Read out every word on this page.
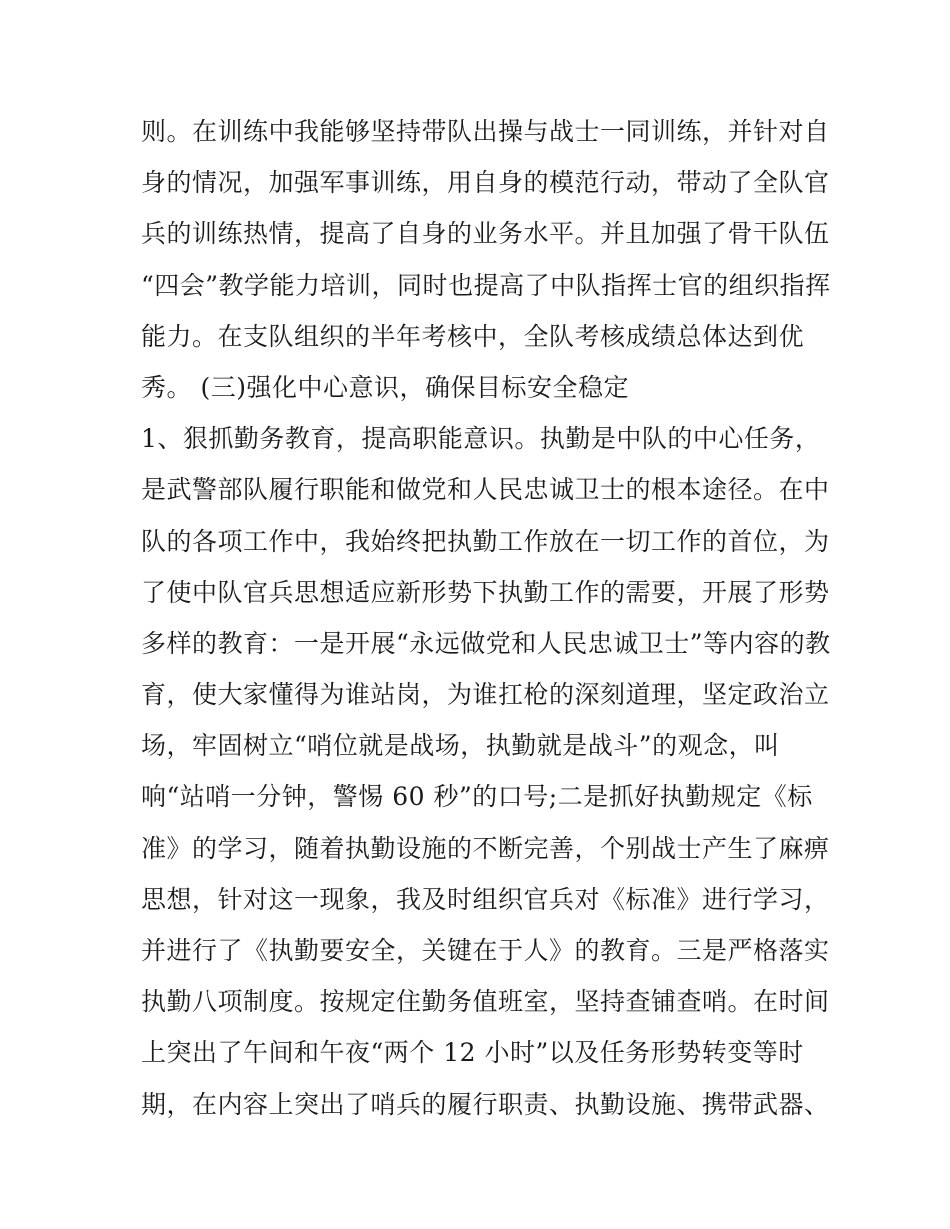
则。在训练中我能够坚持带队出操与战士一同训练，并针对自
身的情况，加强军事训练，用自身的模范行动，带动了全队官
兵的训练热情，提高了自身的业务水平。并且加强了骨干队伍
“四会”教学能力培训，同时也提高了中队指挥士官的组织指挥
能力。在支队组织的半年考核中，全队考核成绩总体达到优
秀。 (三)强化中心意识，确保目标安全稳定
1、狠抓勤务教育，提高职能意识。执勤是中队的中心任务，
是武警部队履行职能和做党和人民忠诚卫士的根本途径。在中
队的各项工作中，我始终把执勤工作放在一切工作的首位，为
了使中队官兵思想适应新形势下执勤工作的需要，开展了形势
多样的教育：一是开展“永远做党和人民忠诚卫士”等内容的教
育，使大家懂得为谁站岗，为谁扛枪的深刻道理，坚定政治立
场，牢固树立“哨位就是战场，执勤就是战斗”的观念，叫
响“站哨一分钟，警惕 60 秒”的口号;二是抓好执勤规定《标
准》的学习，随着执勤设施的不断完善，个别战士产生了麻痹
思想，针对这一现象，我及时组织官兵对《标准》进行学习，
并进行了《执勤要安全，关键在于人》的教育。三是严格落实
执勤八项制度。按规定住勤务值班室，坚持查铺查哨。在时间
上突出了午间和午夜“两个 12 小时”以及任务形势转变等时
期，在内容上突出了哨兵的履行职责、执勤设施、携带武器、
